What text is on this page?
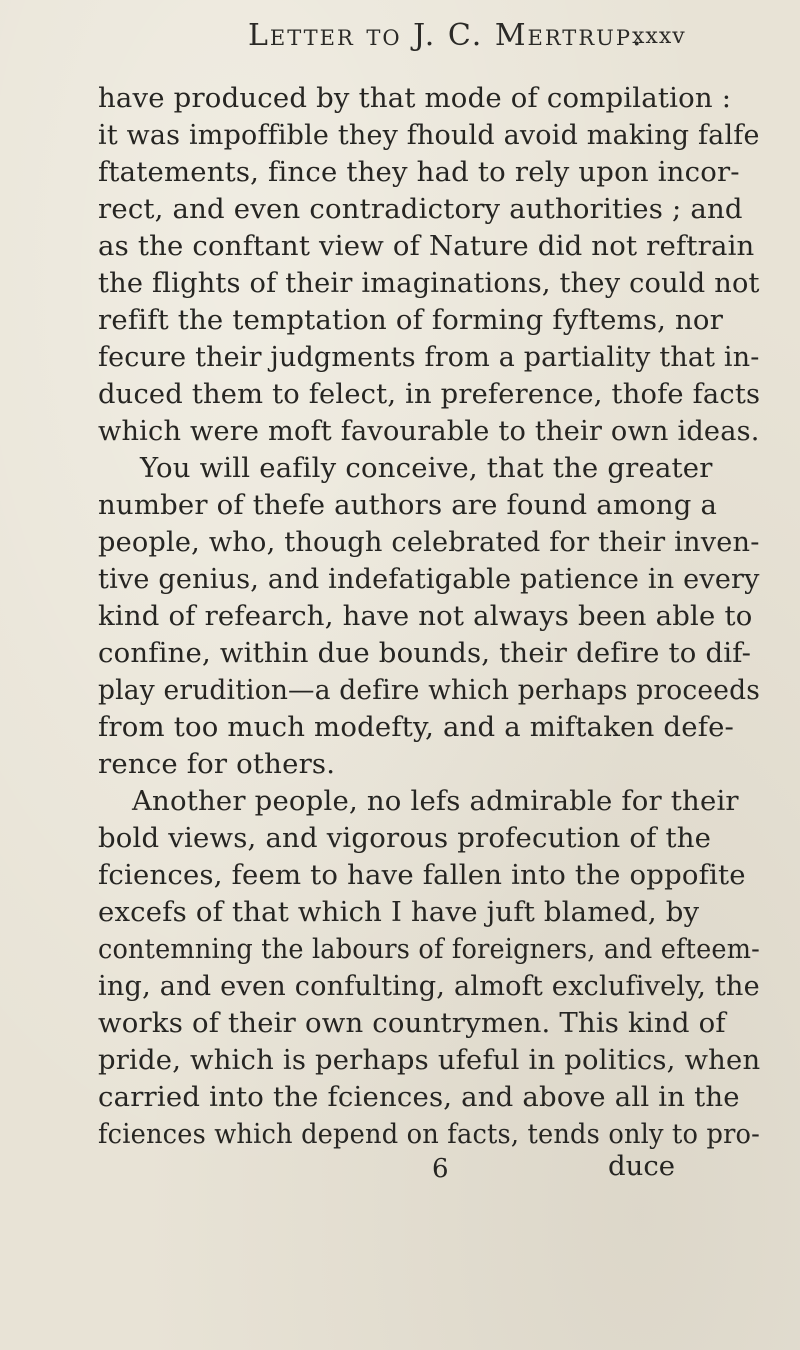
Letter to J. C. Mertrup.
xxxv
have produced by that mode of compilation :
it was impoffible they fhould avoid making falfe
ftatements, fince they had to rely upon incor-
rect, and even contradictory authorities ; and
as the conftant view of Nature did not reftrain
the flights of their imaginations, they could not
refift the temptation of forming fyftems, nor
fecure their judgments from a partiality that in-
duced them to felect, in preference, thofe facts
which were moft favourable to their own ideas.
You will eafily conceive, that the greater
number of thefe authors are found among a
people, who, though celebrated for their inven-
tive genius, and indefatigable patience in every
kind of refearch, have not always been able to
confine, within due bounds, their defire to dif-
play erudition—a defire which perhaps proceeds
from too much modefty, and a miftaken defe-
rence for others.
Another people, no lefs admirable for their
bold views, and vigorous profecution of the
fciences, feem to have fallen into the oppofite
excefs of that which I have juft blamed, by
contemning the labours of foreigners, and efteem-
ing, and even confulting, almoft exclufively, the
works of their own countrymen. This kind of
pride, which is perhaps ufeful in politics, when
carried into the fciences, and above all in the
fciences which depend on facts, tends only to pro-
6	duce
